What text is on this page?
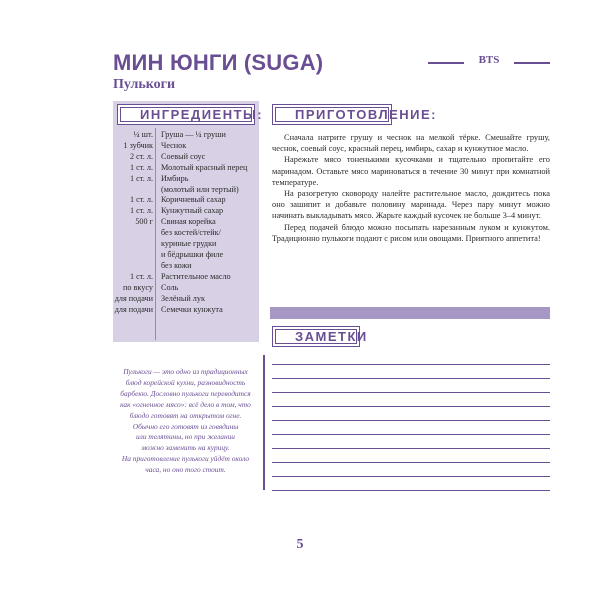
МИН ЮНГИ (SUGA)
Пулькоги
BTS
ИНГРЕДИЕНТЫ:
¼ шт. Груша — ¼ груши
1 зубчик Чеснок
2 ст. л. Соевый соус
1 ст. л. Молотый красный перец
1 ст. л. Имбирь
(молотый или тертый)
1 ст. л. Коричневый сахар
1 ст. л. Кунжутный сахар
500 г Свиная корейка
без костей/стейк/
куриные грудки
и бёдрышки филе
без кожи
1 ст. л. Растительное масло
по вкусу Соль
для подачи Зелёный лук
для подачи Семечки кунжута
Пулькоги — это одно из традиционных
блюд корейской кухни, разновидность
барбекю. Дословно пулькоги переводится
как «огненное мясо»: всё дело в том, что
блюдо готовят на открытом огне.
Обычно его готовят из говядины
или телятины, но при желании
можно заменить на курицу.
На приготовление пулькоги уйдёт около
часа, но оно того стоит.
ПРИГОТОВЛЕНИЕ:

Сначала натрите грушу и чеснок на мелкой тёрке. Смешайте грушу, чеснок, соевый соус, красный перец, имбирь, сахар и кунжутное масло.

Нарежьте мясо тоненькими кусочками и тщательно пропитайте его маринадом. Оставьте мясо мариноваться в течение 30 минут при комнатной температуре.

На разогретую сковороду налейте растительное масло, дождитесь пока оно зашипит и добавьте половину маринада. Через пару минут можно начинать выкладывать мясо. Жарьте каждый кусочек не больше 3–4 минут.

Перед подачей блюдо можно посыпать нарезанным луком и кунжутом. Традиционно пулькоги подают с рисом или овощами. Приятного аппетита!

ЗАМЕТКИ
5
